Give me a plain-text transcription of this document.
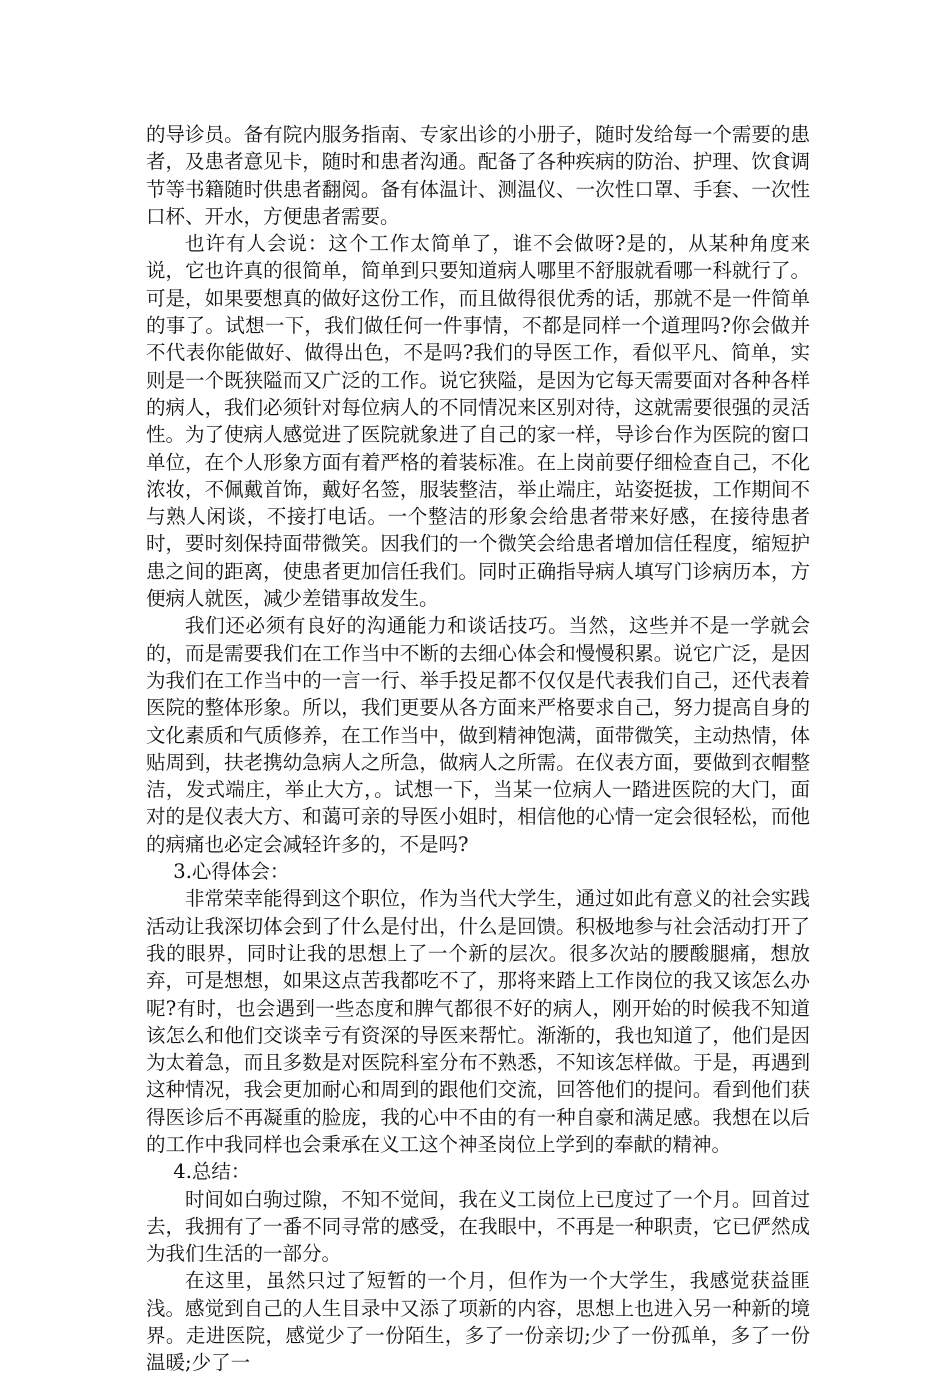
的导诊员。备有院内服务指南、专家出诊的小册子，随时发给每一个需要的患者，及患者意见卡，随时和患者沟通。配备了各种疾病的防治、护理、饮食调节等书籍随时供患者翻阅。备有体温计、测温仪、一次性口罩、手套、一次性口杯、开水，方便患者需要。

也许有人会说：这个工作太简单了，谁不会做呀?是的，从某种角度来说，它也许真的很简单，简单到只要知道病人哪里不舒服就看哪一科就行了。可是，如果要想真的做好这份工作，而且做得很优秀的话，那就不是一件简单的事了。试想一下，我们做任何一件事情，不都是同样一个道理吗?你会做并不代表你能做好、做得出色，不是吗?我们的导医工作，看似平凡、简单，实则是一个既狭隘而又广泛的工作。说它狭隘，是因为它每天需要面对各种各样的病人，我们必须针对每位病人的不同情况来区别对待，这就需要很强的灵活性。为了使病人感觉进了医院就象进了自己的家一样，导诊台作为医院的窗口单位，在个人形象方面有着严格的着装标准。在上岗前要仔细检查自己，不化浓妆，不佩戴首饰，戴好名签，服装整洁，举止端庄，站姿挺拔，工作期间不与熟人闲谈，不接打电话。一个整洁的形象会给患者带来好感，在接待患者时，要时刻保持面带微笑。因我们的一个微笑会给患者增加信任程度，缩短护患之间的距离，使患者更加信任我们。同时正确指导病人填写门诊病历本，方便病人就医，减少差错事故发生。

我们还必须有良好的沟通能力和谈话技巧。当然，这些并不是一学就会的，而是需要我们在工作当中不断的去细心体会和慢慢积累。说它广泛，是因为我们在工作当中的一言一行、举手投足都不仅仅是代表我们自己，还代表着医院的整体形象。所以，我们更要从各方面来严格要求自己，努力提高自身的文化素质和气质修养，在工作当中，做到精神饱满，面带微笑，主动热情，体贴周到，扶老携幼急病人之所急，做病人之所需。在仪表方面，要做到衣帽整洁，发式端庄，举止大方，。试想一下，当某一位病人一踏进医院的大门，面对的是仪表大方、和蔼可亲的导医小姐时，相信他的心情一定会很轻松，而他的病痛也必定会减轻许多的，不是吗?

3.心得体会：

非常荣幸能得到这个职位，作为当代大学生，通过如此有意义的社会实践活动让我深切体会到了什么是付出，什么是回馈。积极地参与社会活动打开了我的眼界，同时让我的思想上了一个新的层次。很多次站的腰酸腿痛，想放弃，可是想想，如果这点苦我都吃不了，那将来踏上工作岗位的我又该怎么办呢?有时，也会遇到一些态度和脾气都很不好的病人，刚开始的时候我不知道该怎么和他们交谈幸亏有资深的导医来帮忙。渐渐的，我也知道了，他们是因为太着急，而且多数是对医院科室分布不熟悉，不知该怎样做。于是，再遇到这种情况，我会更加耐心和周到的跟他们交流，回答他们的提问。看到他们获得医诊后不再凝重的脸庞，我的心中不由的有一种自豪和满足感。我想在以后的工作中我同样也会秉承在义工这个神圣岗位上学到的奉献的精神。

4.总结：

时间如白驹过隙，不知不觉间，我在义工岗位上已度过了一个月。回首过去，我拥有了一番不同寻常的感受，在我眼中，不再是一种职责，它已俨然成为我们生活的一部分。

在这里，虽然只过了短暂的一个月，但作为一个大学生，我感觉获益匪浅。感觉到自己的人生目录中又添了项新的内容，思想上也进入另一种新的境界。走进医院，感觉少了一份陌生，多了一份亲切;少了一份孤单，多了一份温暖;少了一
